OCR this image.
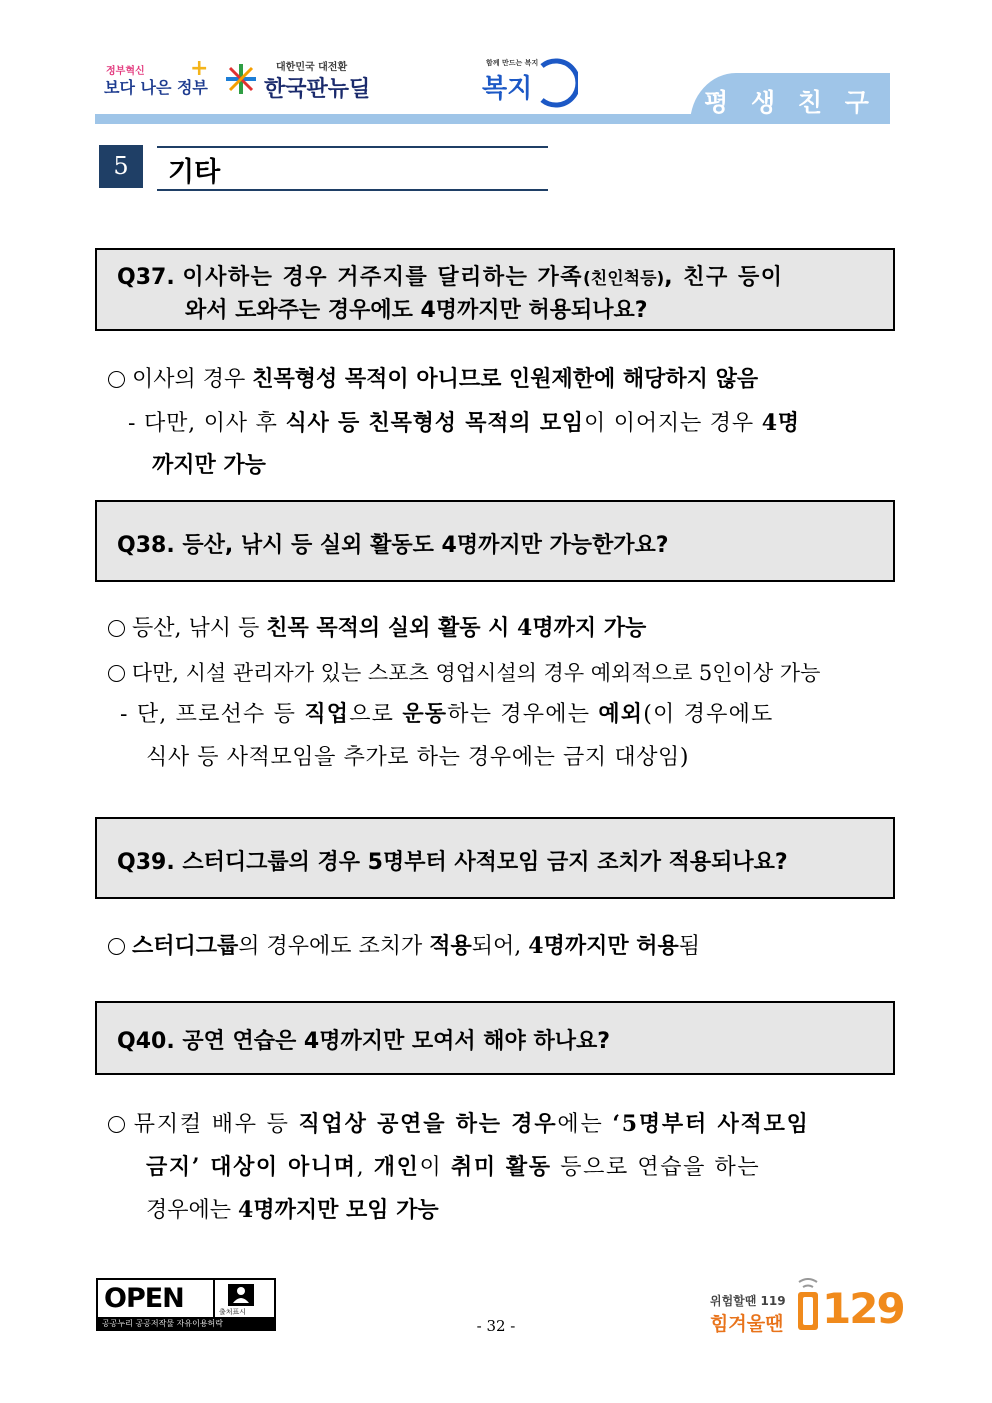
정부혁신
보다 나은 정부
+	대한민국 대전환
한국판뉴딜
함께 만드는 복지
복지	평 생 친 구
5	기타
Q37. 이사하는 경우 거주지를 달리하는 가족(친인척등), 친구 등이
와서 도와주는 경우에도 4명까지만 허용되나요?
이사의 경우 친목형성 목적이 아니므로 인원제한에 해당하지 않음
- 다만, 이사 후 식사 등 친목형성 목적의 모임이 이어지는 경우 4명
까지만 가능
Q38. 등산, 낚시 등 실외 활동도 4명까지만 가능한가요?
등산, 낚시 등 친목 목적의 실외 활동 시 4명까지 가능
다만, 시설 관리자가 있는 스포츠 영업시설의 경우 예외적으로 5인이상 가능
- 단, 프로선수 등 직업으로 운동하는 경우에는 예외(이 경우에도
식사 등 사적모임을 추가로 하는 경우에는 금지 대상임)
Q39. 스터디그룹의 경우 5명부터 사적모임 금지 조치가 적용되나요?
스터디그룹의 경우에도 조치가 적용되어, 4명까지만 허용됨
Q40. 공연 연습은 4명까지만 모여서 해야 하나요?
뮤지컬 배우 등 직업상 공연을 하는 경우에는 ‘5명부터 사적모임
금지’ 대상이 아니며, 개인이 취미 활동 등으로 연습을 하는
경우에는 4명까지만 모임 가능
OPEN	출처표시
공공누리 공공저작물 자유이용허락	- 32 -
위험할땐 119
힘겨울땐 129
